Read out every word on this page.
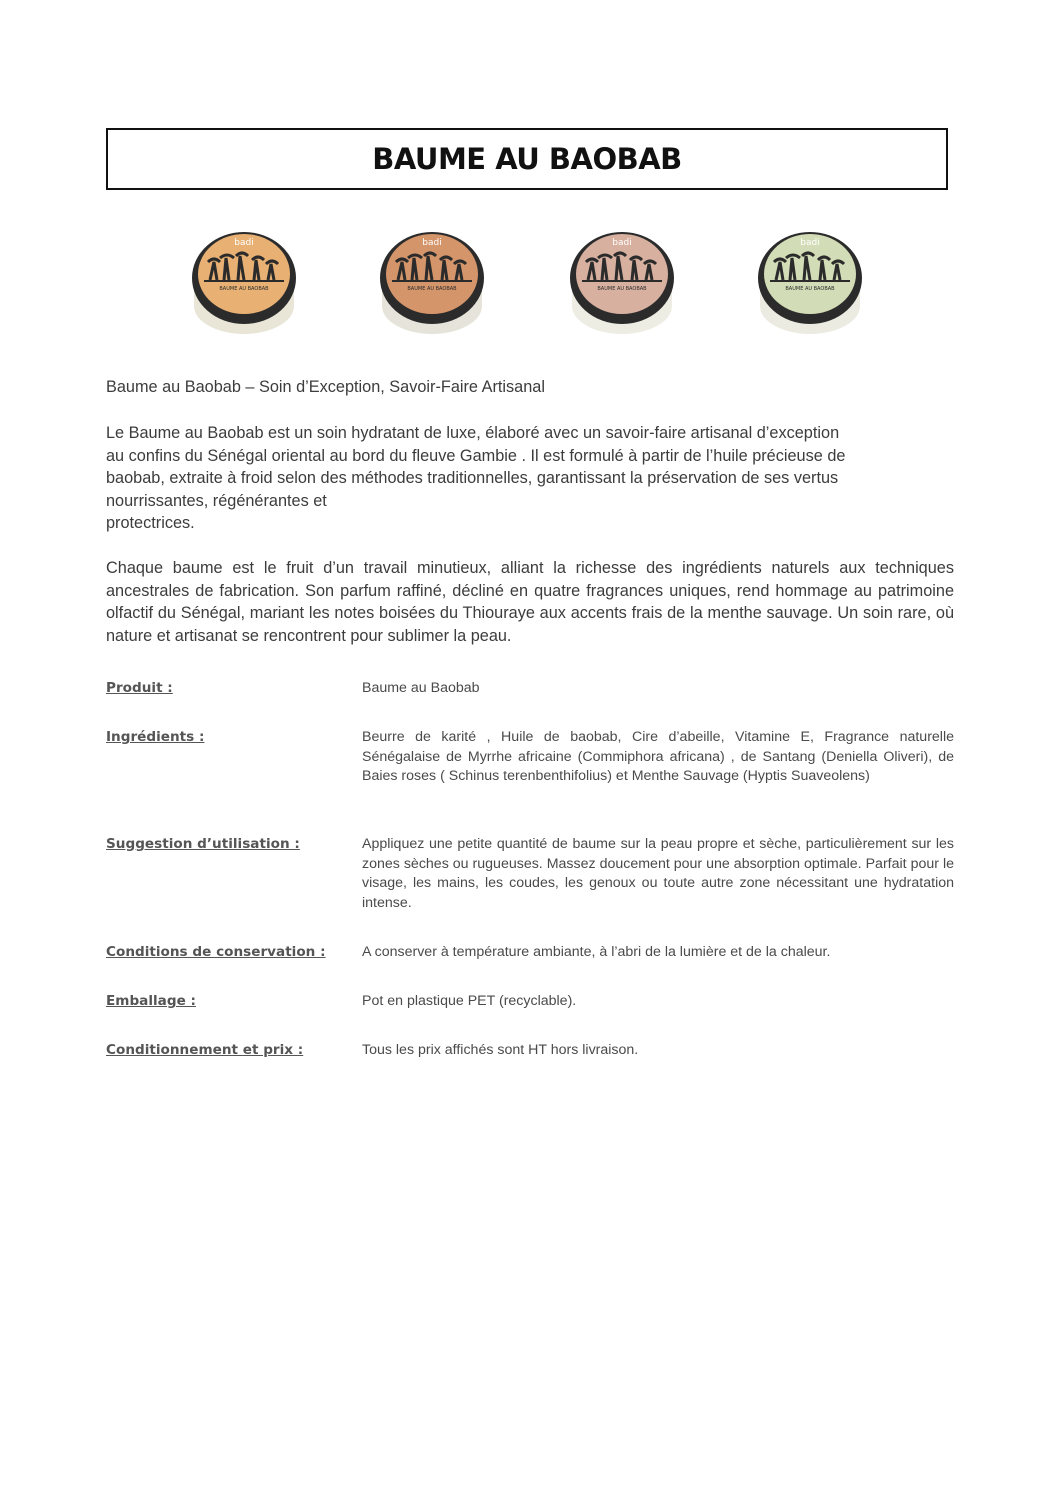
BAUME AU BAOBAB
badi
BAUME AU BAOBAB
badi
BAUME AU BAOBAB
badi
BAUME AU BAOBAB
badi
BAUME AU BAOBAB
Baume au Baobab – Soin d’Exception, Savoir-Faire Artisanal
Le Baume au Baobab est un soin hydratant de luxe, élaboré avec un savoir-faire artisanal d’exception
au confins du Sénégal oriental au bord du fleuve Gambie . Il est formulé à partir de l’huile précieuse de
baobab, extraite à froid selon des méthodes traditionnelles, garantissant la préservation de ses vertus
nourrissantes, régénérantes et
protectrices.
Chaque baume est le fruit d’un travail minutieux, alliant la richesse des ingrédients naturels aux techniques ancestrales de fabrication. Son parfum raffiné, décliné en quatre fragrances uniques, rend hommage au patrimoine olfactif du Sénégal, mariant les notes boisées du Thiouraye aux accents frais de la menthe sauvage. Un soin rare, où nature et artisanat se rencontrent pour sublimer la peau.
Produit :	Baume au Baobab
Ingrédients :	Beurre de karité , Huile de baobab, Cire d’abeille, Vitamine E, Fragrance naturelle Sénégalaise de Myrrhe africaine (Commiphora africana) , de Santang (Deniella Oliveri), de Baies roses ( Schinus terenbenthifolius) et Menthe Sauvage (Hyptis Suaveolens)
Suggestion d’utilisation :	Appliquez une petite quantité de baume sur la peau propre et sèche, particulièrement sur les zones sèches ou rugueuses. Massez doucement pour une absorption optimale. Parfait pour le visage, les mains, les coudes, les genoux ou toute autre zone nécessitant une hydratation intense.
Conditions de conservation :	A conserver à température ambiante, à l’abri de la lumière et de la chaleur.
Emballage :	Pot en plastique PET (recyclable).
Conditionnement et prix :	Tous les prix affichés sont HT hors livraison.
